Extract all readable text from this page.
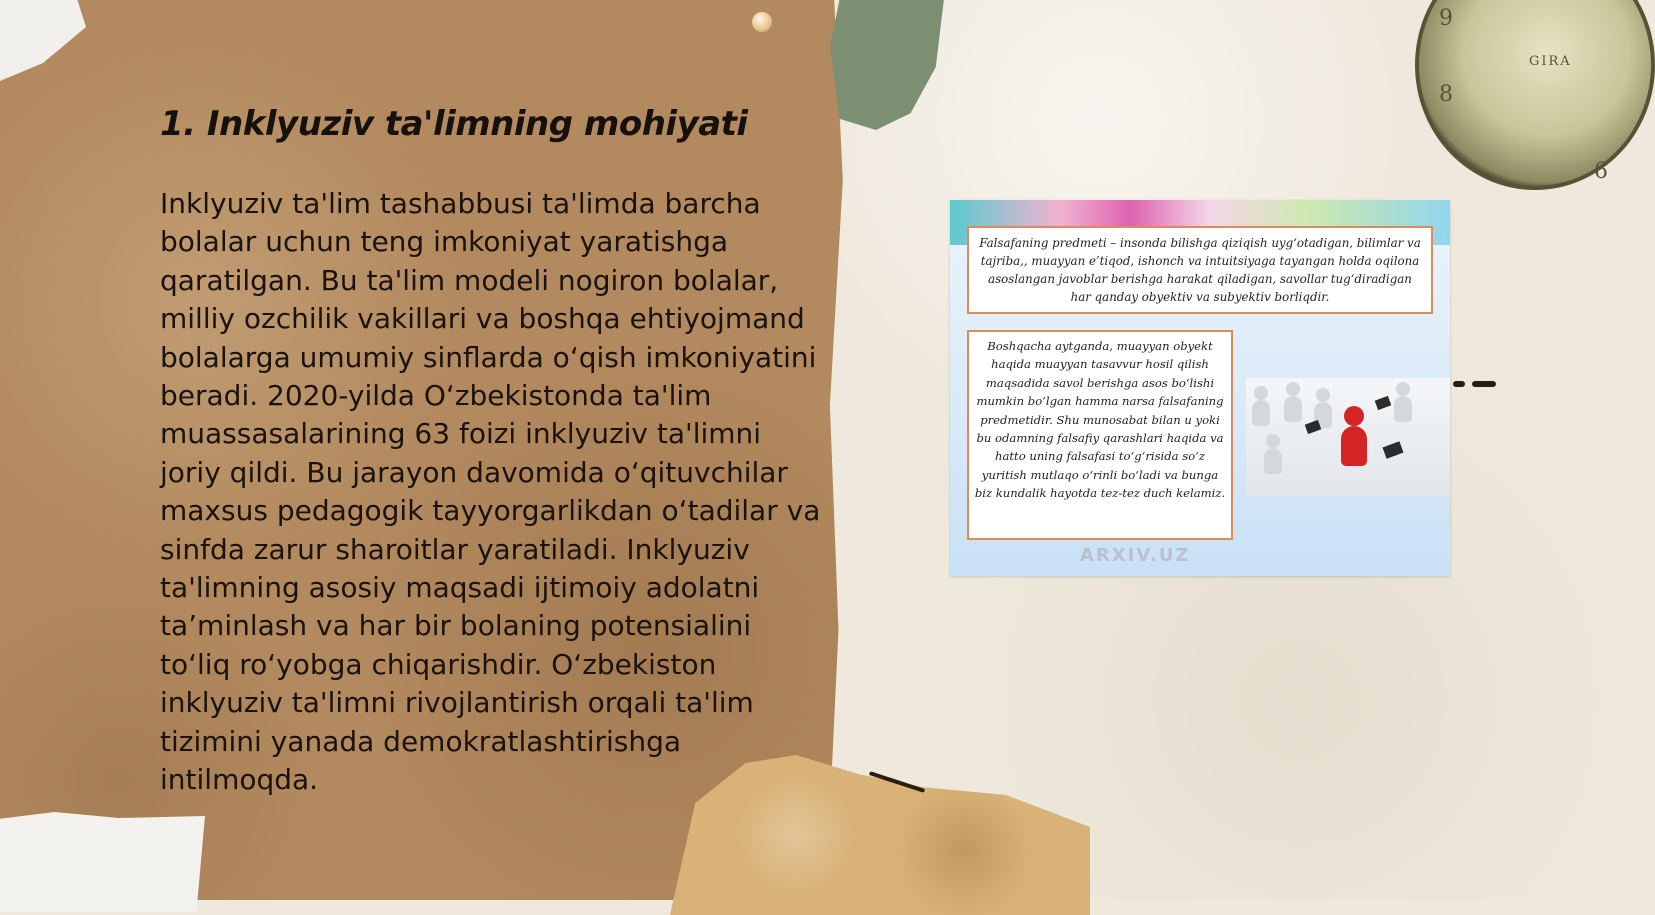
9
8
6
GIRA
1. Inklyuziv ta'limning mohiyati

Inklyuziv ta'lim tashabbusi ta'limda barcha bolalar uchun teng imkoniyat yaratishga qaratilgan. Bu ta'lim modeli nogiron bolalar, milliy ozchilik vakillari va boshqa ehtiyojmand bolalarga umumiy sinflarda o‘qish imkoniyatini beradi. 2020-yilda O‘zbekistonda ta'lim muassasalarining 63 foizi inklyuziv ta'limni joriy qildi. Bu jarayon davomida o‘qituvchilar maxsus pedagogik tayyorgarlikdan o‘tadilar va sinfda zarur sharoitlar yaratiladi. Inklyuziv ta'limning asosiy maqsadi ijtimoiy adolatni ta’minlash va har bir bolaning potensialini to‘liq ro‘yobga chiqarishdir. O‘zbekiston inklyuziv ta'limni rivojlantirish orqali ta'lim tizimini yanada demokratlashtirishga intilmoqda.

Falsafaning predmeti – insonda bilishga qiziqish uyg‘otadigan, bilimlar va tajriba,, muayyan e’tiqod, ishonch va intuitsiyaga tayangan holda oqilona asoslangan javoblar berishga harakat qiladigan, savollar tug‘diradigan har qanday obyektiv va subyektiv borliqdir.

Boshqacha aytganda, muayyan obyekt haqida muayyan tasavvur hosil qilish maqsadida savol berishga asos bo‘lishi mumkin bo‘lgan hamma narsa falsafaning predmetidir. Shu munosabat bilan u yoki bu odamning falsafiy qarashlari haqida va hatto uning falsafasi to‘g‘risida so‘z yuritish mutlaqo o‘rinli bo‘ladi va bunga biz kundalik hayotda tez-tez duch kelamiz.

ARXIV.UZ
